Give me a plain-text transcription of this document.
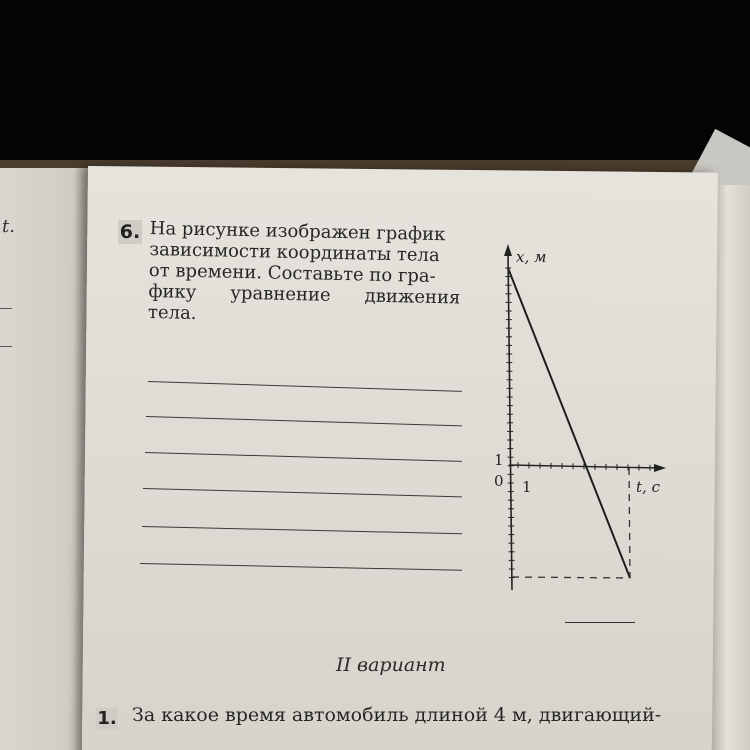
t.	6. На рисунке изображен график
зависимости координаты тела
от времени. Составьте по гра-
фику уравнение движения
тела.
x, м
1
0 1	t, с
II вариант
1. За какое время автомобиль длиной 4 м, двигающий-
